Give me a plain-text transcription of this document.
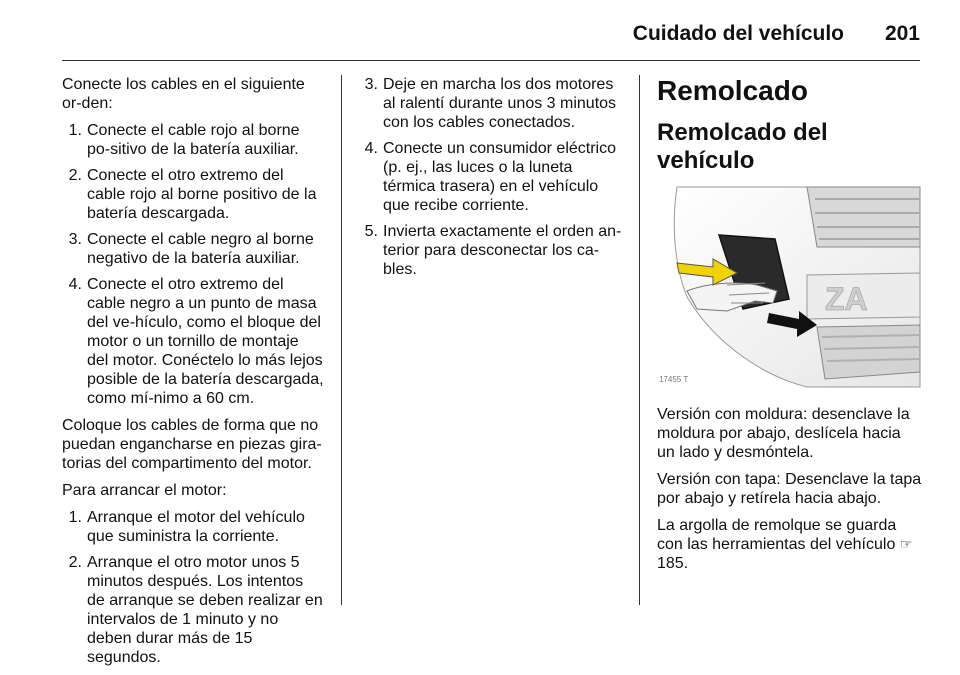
Cuidado del vehículo 201

Conecte los cables en el siguiente or-den:

1. Conecte el cable rojo al borne po-sitivo de la batería auxiliar.
2. Conecte el otro extremo del cable rojo al borne positivo de la batería descargada.
3. Conecte el cable negro al borne negativo de la batería auxiliar.
4. Conecte el otro extremo del cable negro a un punto de masa del ve-hículo, como el bloque del motor o un tornillo de montaje del motor. Conéctelo lo más lejos posible de la batería descargada, como mí-nimo a 60 cm.

Coloque los cables de forma que no puedan engancharse en piezas gira-torias del compartimento del motor.

Para arrancar el motor:

1. Arranque el motor del vehículo que suministra la corriente.
2. Arranque el otro motor unos 5 minutos después. Los intentos de arranque se deben realizar en intervalos de 1 minuto y no deben durar más de 15 segundos.
3. Deje en marcha los dos motores al ralentí durante unos 3 minutos con los cables conectados.
4. Conecte un consumidor eléctrico (p. ej., las luces o la luneta térmica trasera) en el vehículo que recibe corriente.
5. Invierta exactamente el orden an-terior para desconectar los ca-bles.
Remolcado
Remolcado del vehículo
ZA
17455 T

Versión con moldura: desenclave la moldura por abajo, deslícela hacia un lado y desmóntela.

Versión con tapa: Desenclave la tapa por abajo y retírela hacia abajo.

La argolla de remolque se guarda con las herramientas del vehículo ☞ 185.
